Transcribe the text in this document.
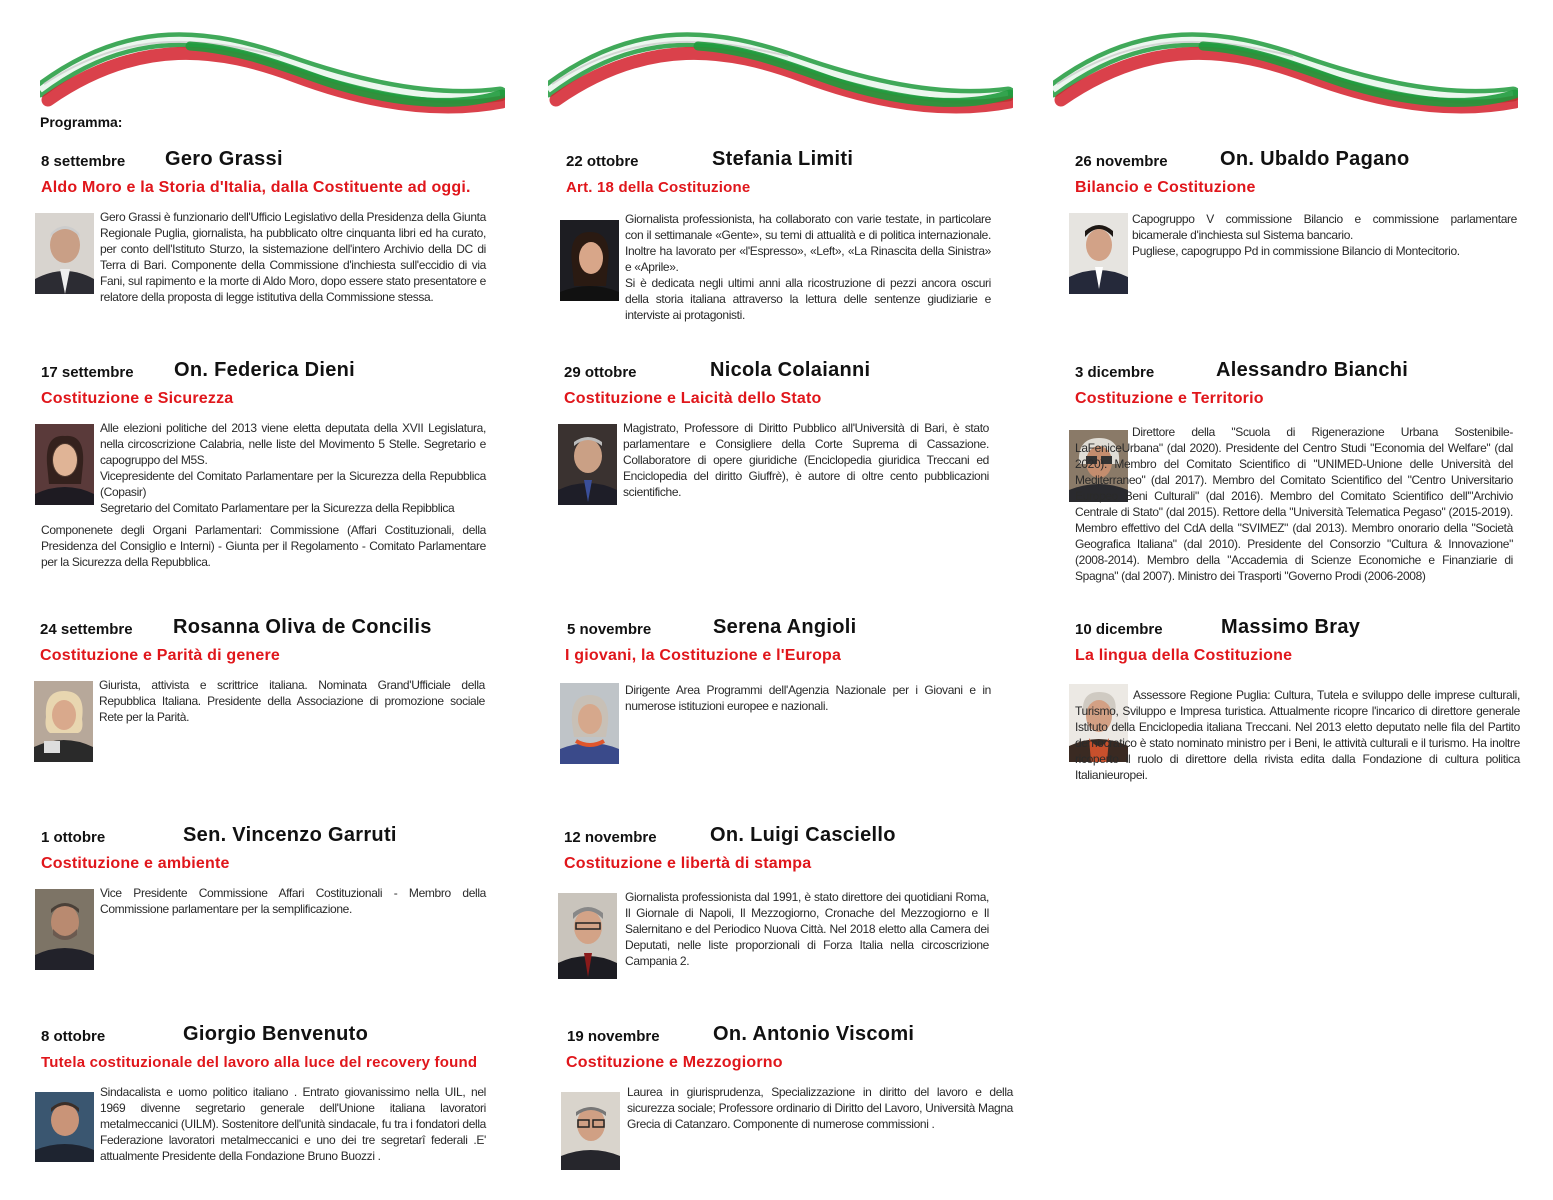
Programma:
8 settembre Gero Grassi
Aldo Moro e la Storia d'Italia, dalla Costituente ad oggi.
Gero Grassi è funzionario dell'Ufficio Legislativo della Presidenza della Giunta Regionale Puglia, giornalista, ha pubblicato oltre cinquanta libri ed ha curato, per conto dell'Istituto Sturzo, la sistemazione dell'intero Archivio della DC di Terra di Bari. Componente della Commissione d'inchiesta sull'eccidio di via Fani, sul rapimento e la morte di Aldo Moro, dopo essere stato presentatore e relatore della proposta di legge istitutiva della Commissione stessa.
17 settembre On. Federica Dieni
Costituzione e Sicurezza
Alle elezioni politiche del 2013 viene eletta deputata della XVII Legislatura, nella circoscrizione Calabria, nelle liste del Movimento 5 Stelle. Segretario e capogruppo del M5S.
Vicepresidente del Comitato Parlamentare per la Sicurezza della Repubblica (Copasir)
Segretario del Comitato Parlamentare per la Sicurezza della Repibblica
Componenete degli Organi Parlamentari: Commissione (Affari Costituzionali, della Presidenza del Consiglio e Interni) - Giunta per il Regolamento - Comitato Parlamentare per la Sicurezza della Repubblica.
24 settembre Rosanna Oliva de Concilis
Costituzione e Parità di genere
Giurista, attivista e scrittrice italiana. Nominata Grand'Ufficiale della Repubblica Italiana. Presidente della Associazione di promozione sociale Rete per la Parità.
1 ottobre	Sen. Vincenzo Garruti
Costituzione e ambiente
Vice Presidente Commissione Affari Costituzionali - Membro della Commissione parlamentare per la semplificazione.
8 ottobre	Giorgio Benvenuto
Tutela costituzionale del lavoro alla luce del recovery found
Sindacalista e uomo politico italiano . Entrato giovanissimo nella UIL, nel 1969 divenne segretario generale dell'Unione italiana lavoratori metalmeccanici (UILM). Sostenitore dell'unità sindacale, fu tra i fondatori della Federazione lavoratori metalmeccanici e uno dei tre segretarî federali .E' attualmente Presidente della Fondazione Bruno Buozzi .
22 ottobre	Stefania Limiti
Art. 18 della Costituzione
Giornalista professionista, ha collaborato con varie testate, in particolare con il settimanale «Gente», su temi di attualità e di politica internazionale. Inoltre ha lavorato per «l'Espresso», «Left», «La Rinascita della Sinistra» e «Aprile».
Si è dedicata negli ultimi anni alla ricostruzione di pezzi ancora oscuri della storia italiana attraverso la lettura delle sentenze giudiziarie e interviste ai protagonisti.
29 ottobre	Nicola Colaianni
Costituzione e Laicità dello Stato
Magistrato, Professore di Diritto Pubblico all'Università di Bari, è stato parlamentare e Consigliere della Corte Suprema di Cassazione. Collaboratore di opere giuridiche (Enciclopedia giuridica Treccani ed Enciclopedia del diritto Giuffrè), è autore di oltre cento pubblicazioni scientifiche.
5 novembre	Serena Angioli
I giovani, la Costituzione e l'Europa
Dirigente Area Programmi dell'Agenzia Nazionale per i Giovani e in numerose istituzioni europee e nazionali.
12 novembre	On. Luigi Casciello
Costituzione e libertà di stampa
Giornalista professionista dal 1991, è stato direttore dei quotidiani Roma, Il Giornale di Napoli, Il Mezzogiorno, Cronache del Mezzogiorno e Il Salernitano e del Periodico Nuova Città. Nel 2018 eletto alla Camera dei Deputati, nelle liste proporzionali di Forza Italia nella circoscrizione Campania 2.
19 novembre	On. Antonio Viscomi
Costituzione e Mezzogiorno
Laurea in giurisprudenza, Specializzazione in diritto del lavoro e della sicurezza sociale; Professore ordinario di Diritto del Lavoro, Università Magna Grecia di Catanzaro. Componente di numerose commissioni .
26 novembre	On. Ubaldo Pagano
Bilancio e Costituzione
Capogruppo V commissione Bilancio e commissione parlamentare bicamerale d'inchiesta sul Sistema bancario.
Pugliese, capogruppo Pd in commissione Bilancio di Montecitorio.
3 dicembre	Alessandro Bianchi
Costituzione e Territorio
Direttore della "Scuola di Rigenerazione Urbana Sostenibile-LaFeniceUrbana" (dal 2020). Presidente del Centro Studi "Economia del Welfare" (dal 2020). Membro del Comitato Scientifico di "UNIMED-Unione delle Università del Mediterraneo" (dal 2017). Membro del Comitato Scientifico del "Centro Universitario Europeo Beni Culturali" (dal 2016). Membro del Comitato Scientifico dell'"Archivio Centrale di Stato" (dal 2015). Rettore della "Università Telematica Pegaso" (2015-2019). Membro effettivo del CdA della "SVIMEZ" (dal 2013). Membro onorario della "Società Geografica Italiana" (dal 2010). Presidente del Consorzio "Cultura & Innovazione" (2008-2014). Membro della "Accademia di Scienze Economiche e Finanziarie di Spagna" (dal 2007). Ministro dei Trasporti "Governo Prodi (2006-2008)
10 dicembre	Massimo Bray
La lingua della Costituzione
Assessore Regione Puglia: Cultura, Tutela e sviluppo delle imprese culturali, Turismo, Sviluppo e Impresa turistica. Attualmente ricopre l'incarico di direttore generale Istituto della Enciclopedia italiana Treccani. Nel 2013 eletto deputato nelle fila del Partito democratico è stato nominato ministro per i Beni, le attività culturali e il turismo. Ha inoltre ricoperto il ruolo di direttore della rivista edita dalla Fondazione di cultura politica Italianieuropei.
